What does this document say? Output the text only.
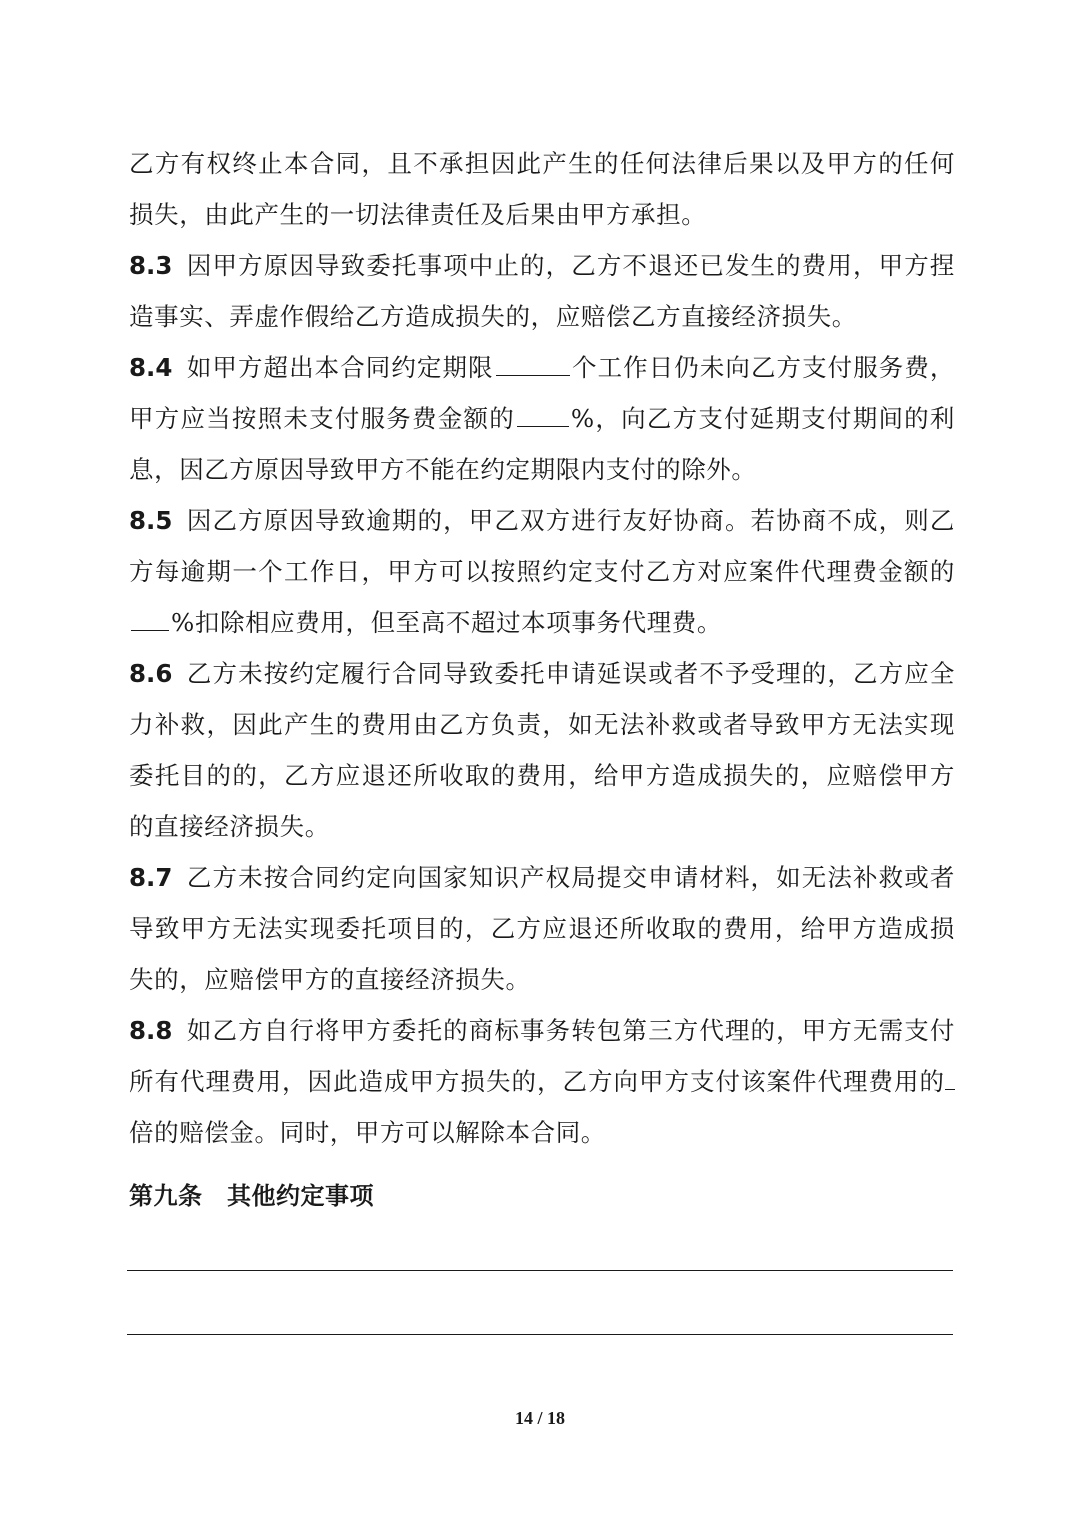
乙方有权终止本合同，且不承担因此产生的任何法律后果以及甲方的任何损失，由此产生的一切法律责任及后果由甲方承担。

8.3 因甲方原因导致委托事项中止的，乙方不退还已发生的费用，甲方捏造事实、弄虚作假给乙方造成损失的，应赔偿乙方直接经济损失。

8.4 如甲方超出本合同约定期限	个工作日仍未向乙方支付服务费，甲方应当按照未支付服务费金额的 %，向乙方支付延期支付期间的利息，因乙方原因导致甲方不能在约定期限内支付的除外。

8.5 因乙方原因导致逾期的，甲乙双方进行友好协商。若协商不成，则乙方每逾期一个工作日，甲方可以按照约定支付乙方对应案件代理费金额的%扣除相应费用，但至高不超过本项事务代理费。

8.6 乙方未按约定履行合同导致委托申请延误或者不予受理的，乙方应全力补救，因此产生的费用由乙方负责，如无法补救或者导致甲方无法实现委托目的的，乙方应退还所收取的费用，给甲方造成损失的，应赔偿甲方的直接经济损失。

8.7 乙方未按合同约定向国家知识产权局提交申请材料，如无法补救或者导致甲方无法实现委托项目的，乙方应退还所收取的费用，给甲方造成损失的，应赔偿甲方的直接经济损失。

8.8 如乙方自行将甲方委托的商标事务转包第三方代理的，甲方无需支付所有代理费用，因此造成甲方损失的，乙方向甲方支付该案件代理费用的倍的赔偿金。同时，甲方可以解除本合同。

第九条　其他约定事项
14 / 18
